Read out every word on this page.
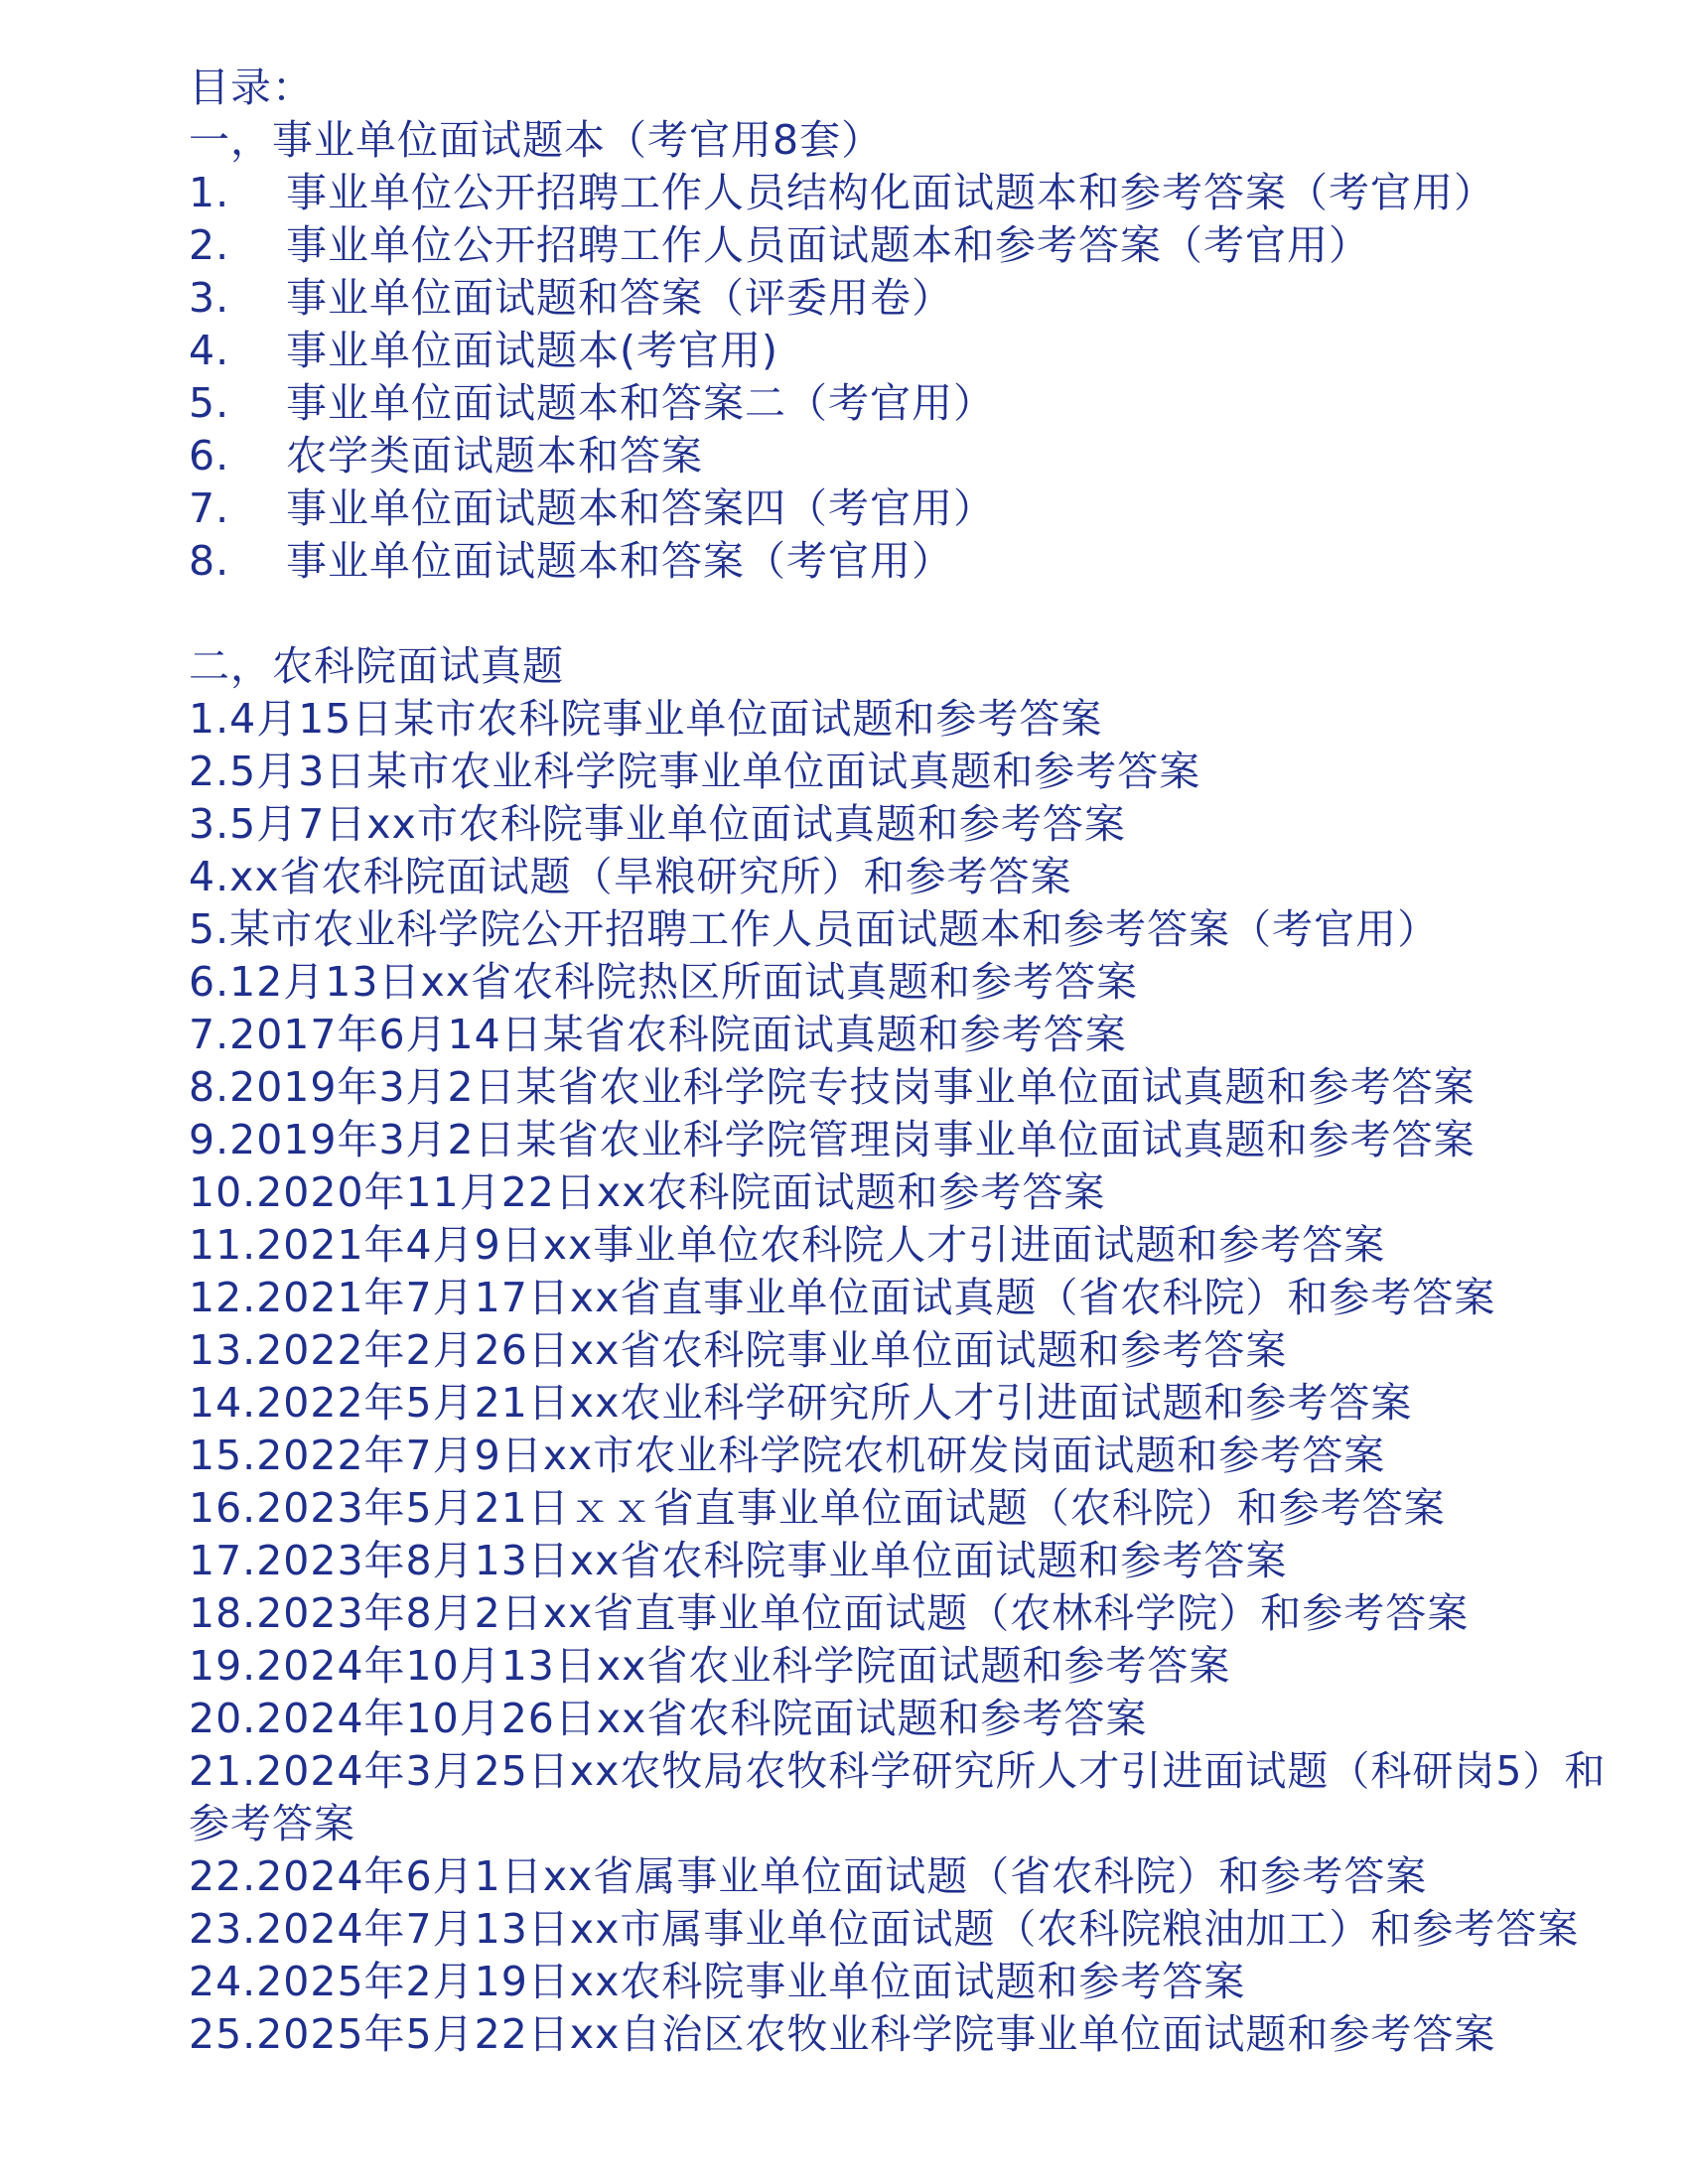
目录：
一，事业单位面试题本（考官用8套）
1.	事业单位公开招聘工作人员结构化面试题本和参考答案（考官用）
2.	事业单位公开招聘工作人员面试题本和参考答案（考官用）
3.	事业单位面试题和答案（评委用卷）
4.	事业单位面试题本(考官用)
5.	事业单位面试题本和答案二（考官用）
6.	农学类面试题本和答案
7.	事业单位面试题本和答案四（考官用）
8.	事业单位面试题本和答案（考官用）
二，农科院面试真题
1.4月15日某市农科院事业单位面试题和参考答案
2.5月3日某市农业科学院事业单位面试真题和参考答案
3.5月7日xx市农科院事业单位面试真题和参考答案
4.xx省农科院面试题（旱粮研究所）和参考答案
5.某市农业科学院公开招聘工作人员面试题本和参考答案（考官用）
6.12月13日xx省农科院热区所面试真题和参考答案
7.2017年6月14日某省农科院面试真题和参考答案
8.2019年3月2日某省农业科学院专技岗事业单位面试真题和参考答案
9.2019年3月2日某省农业科学院管理岗事业单位面试真题和参考答案
10.2020年11月22日xx农科院面试题和参考答案
11.2021年4月9日xx事业单位农科院人才引进面试题和参考答案
12.2021年7月17日xx省直事业单位面试真题（省农科院）和参考答案
13.2022年2月26日xx省农科院事业单位面试题和参考答案
14.2022年5月21日xx农业科学研究所人才引进面试题和参考答案
15.2022年7月9日xx市农业科学院农机研发岗面试题和参考答案
16.2023年5月21日ｘｘ省直事业单位面试题（农科院）和参考答案
17.2023年8月13日xx省农科院事业单位面试题和参考答案
18.2023年8月2日xx省直事业单位面试题（农林科学院）和参考答案
19.2024年10月13日xx省农业科学院面试题和参考答案
20.2024年10月26日xx省农科院面试题和参考答案
21.2024年3月25日xx农牧局农牧科学研究所人才引进面试题（科研岗5）和参考答案
22.2024年6月1日xx省属事业单位面试题（省农科院）和参考答案
23.2024年7月13日xx市属事业单位面试题（农科院粮油加工）和参考答案
24.2025年2月19日xx农科院事业单位面试题和参考答案
25.2025年5月22日xx自治区农牧业科学院事业单位面试题和参考答案
